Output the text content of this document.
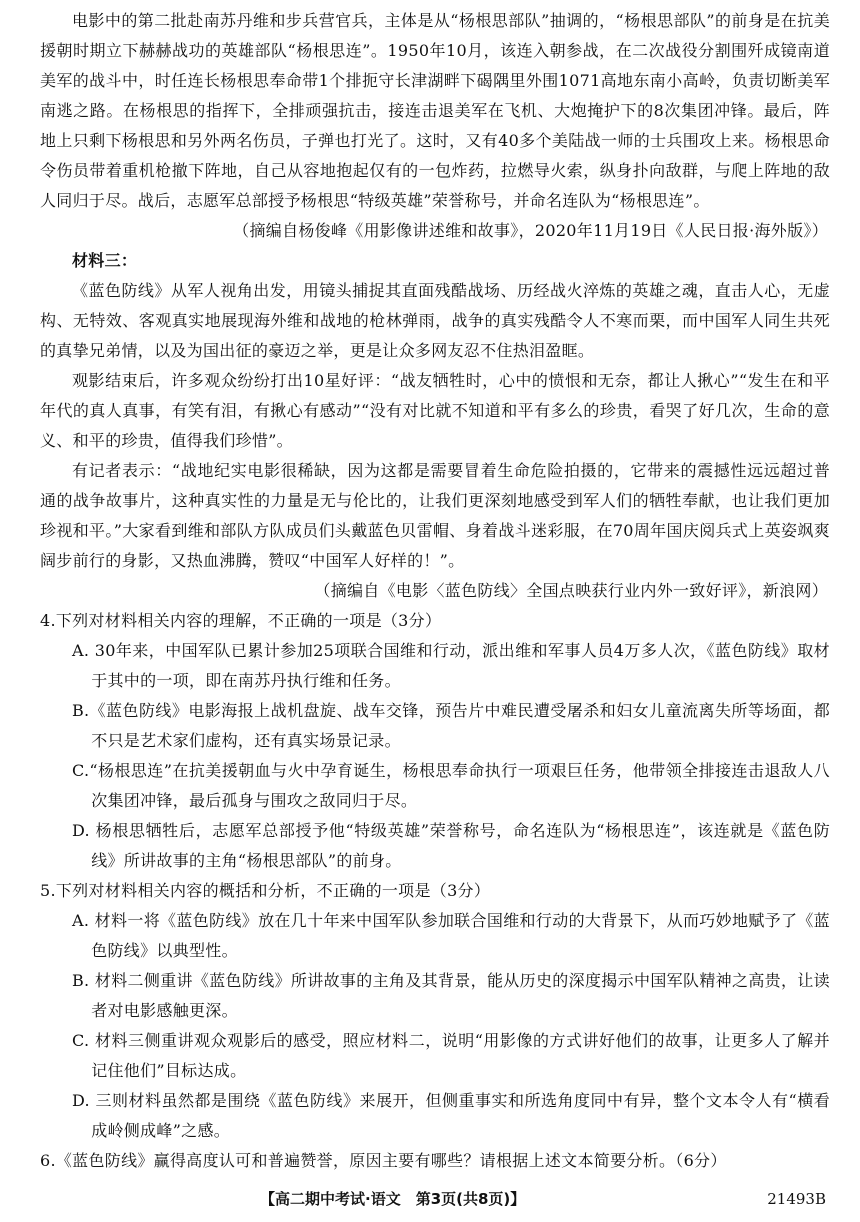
电影中的第二批赴南苏丹维和步兵营官兵，主体是从“杨根思部队”抽调的，“杨根思部队”的前身是在抗美援朝时期立下赫赫战功的英雄部队“杨根思连”。1950年10月，该连入朝参战，在二次战役分割围歼成镜南道美军的战斗中，时任连长杨根思奉命带1个排扼守长津湖畔下碣隅里外围1071高地东南小高岭，负责切断美军南逃之路。在杨根思的指挥下，全排顽强抗击，接连击退美军在飞机、大炮掩护下的8次集团冲锋。最后，阵地上只剩下杨根思和另外两名伤员，子弹也打光了。这时，又有40多个美陆战一师的士兵围攻上来。杨根思命令伤员带着重机枪撤下阵地，自己从容地抱起仅有的一包炸药，拉燃导火索，纵身扑向敌群，与爬上阵地的敌人同归于尽。战后，志愿军总部授予杨根思“特级英雄”荣誉称号，并命名连队为“杨根思连”。

（摘编自杨俊峰《用影像讲述维和故事》，2020年11月19日《人民日报·海外版》）

材料三：

《蓝色防线》从军人视角出发，用镜头捕捉其直面残酷战场、历经战火淬炼的英雄之魂，直击人心，无虚构、无特效、客观真实地展现海外维和战地的枪林弹雨，战争的真实残酷令人不寒而栗，而中国军人同生共死的真挚兄弟情，以及为国出征的豪迈之举，更是让众多网友忍不住热泪盈眶。

观影结束后，许多观众纷纷打出10星好评：“战友牺牲时，心中的愤恨和无奈，都让人揪心”“发生在和平年代的真人真事，有笑有泪，有揪心有感动”“没有对比就不知道和平有多么的珍贵，看哭了好几次，生命的意义、和平的珍贵，值得我们珍惜”。

有记者表示：“战地纪实电影很稀缺，因为这都是需要冒着生命危险拍摄的，它带来的震撼性远远超过普通的战争故事片，这种真实性的力量是无与伦比的，让我们更深刻地感受到军人们的牺牲奉献，也让我们更加珍视和平。”大家看到维和部队方队成员们头戴蓝色贝雷帽、身着战斗迷彩服，在70周年国庆阅兵式上英姿飒爽阔步前行的身影，又热血沸腾，赞叹“中国军人好样的！”。

（摘编自《电影〈蓝色防线〉全国点映获行业内外一致好评》，新浪网）

4.下列对材料相关内容的理解，不正确的一项是（3分）

A. 30年来，中国军队已累计参加25项联合国维和行动，派出维和军事人员4万多人次，《蓝色防线》取材于其中的一项，即在南苏丹执行维和任务。

B.《蓝色防线》电影海报上战机盘旋、战车交锋，预告片中难民遭受屠杀和妇女儿童流离失所等场面，都不只是艺术家们虚构，还有真实场景记录。

C.“杨根思连”在抗美援朝血与火中孕育诞生，杨根思奉命执行一项艰巨任务，他带领全排接连击退敌人八次集团冲锋，最后孤身与围攻之敌同归于尽。

D. 杨根思牺牲后，志愿军总部授予他“特级英雄”荣誉称号，命名连队为“杨根思连”，该连就是《蓝色防线》所讲故事的主角“杨根思部队”的前身。

5.下列对材料相关内容的概括和分析，不正确的一项是（3分）

A. 材料一将《蓝色防线》放在几十年来中国军队参加联合国维和行动的大背景下，从而巧妙地赋予了《蓝色防线》以典型性。

B. 材料二侧重讲《蓝色防线》所讲故事的主角及其背景，能从历史的深度揭示中国军队精神之高贵，让读者对电影感触更深。

C. 材料三侧重讲观众观影后的感受，照应材料二，说明“用影像的方式讲好他们的故事，让更多人了解并记住他们”目标达成。

D. 三则材料虽然都是围绕《蓝色防线》来展开，但侧重事实和所选角度同中有异，整个文本令人有“横看成岭侧成峰”之感。

6.《蓝色防线》赢得高度认可和普遍赞誉，原因主要有哪些？请根据上述文本简要分析。（6分）

【高二期中考试·语文　第3页(共8页)】	21493B
